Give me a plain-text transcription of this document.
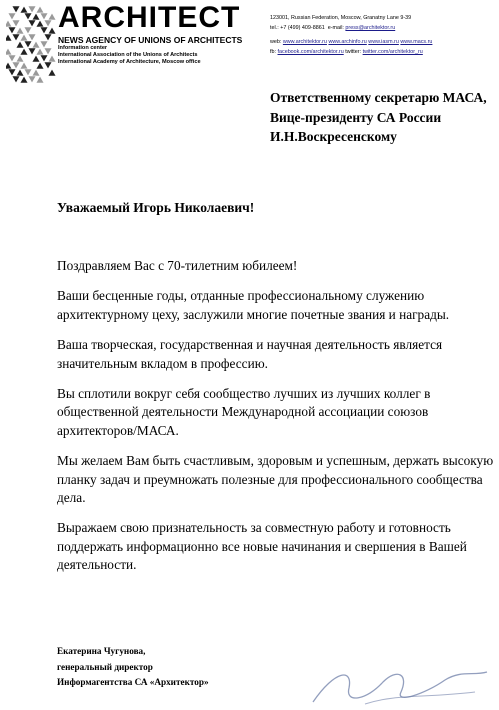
ARCHITECT
NEWS AGENCY OF UNIONS OF ARCHITECTS
Information center
International Association of the Unions of Architects
International Academy of Architecture, Moscow office
123001, Russian Federation, Moscow, Granatny Lane 9-39
tel.: +7 (499) 409-8861 e-mail: press@architektor.ru
web: www.architektor.ru www.archinfo.ru www.iasm.ru www.macs.ru
fb: facebook.com/architektor.ru twitter: twitter.com/architektor_ru
Ответственному секретарю МАСА,
Вице-президенту СА России
И.Н.Воскресенскому
Уважаемый Игорь Николаевич!

Поздравляем Вас с 70-тилетним юбилеем!

Ваши бесценные годы, отданные профессиональному служению
архитектурному цеху, заслужили многие почетные звания и награды.

Ваша творческая, государственная и научная деятельность является
значительным вкладом в профессию.

Вы сплотили вокруг себя сообщество лучших из лучших коллег в
общественной деятельности Международной ассоциации союзов
архитекторов/МАСА.

Мы желаем Вам быть счастливым, здоровым и успешным, держать высокую
планку задач и преумножать полезные для профессионального сообщества
дела.

Выражаем свою признательность за совместную работу и готовность
поддержать информационно все новые начинания и свершения в Вашей
деятельности.

Екатерина Чугунова,
генеральный директор
Информагентства СА «Архитектор»
